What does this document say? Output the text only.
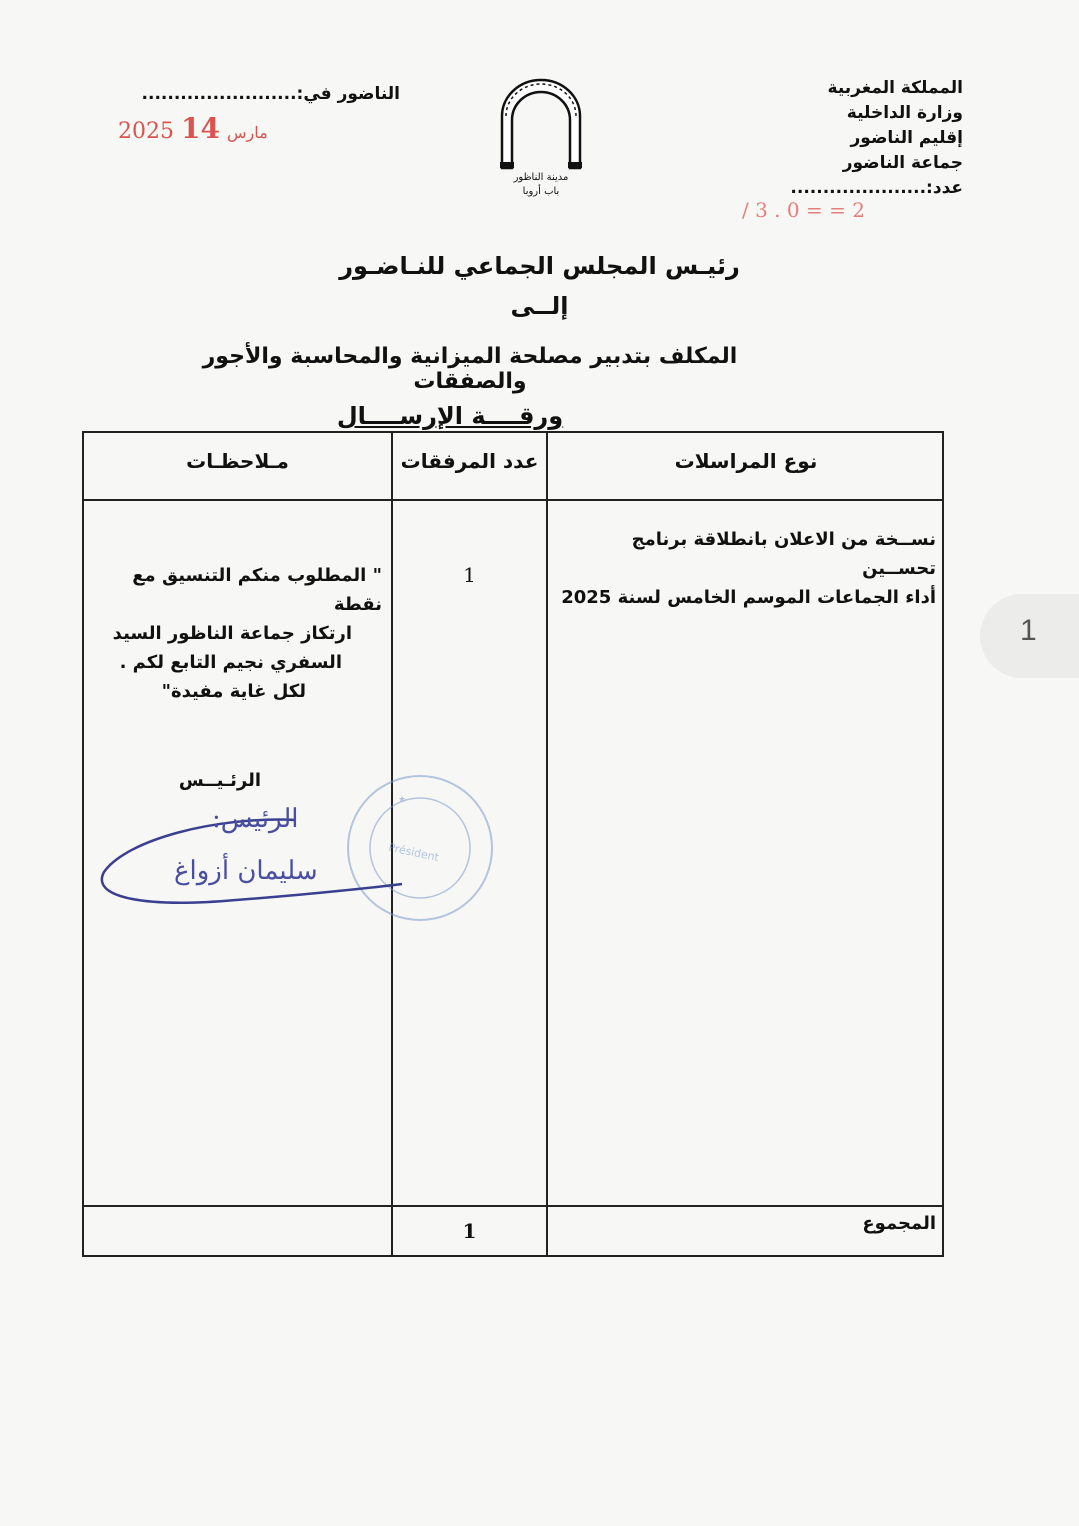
المملكة المغربية
وزارة الداخلية
إقليم الناضور
جماعة الناضور
عدد:.....................
/ 3 . 0 = = 2
الناضور في:........................
2025	مارس 14
مدينة الناظور
باب أروبا
رئيـس المجلس الجماعي للنـاضـور
إلــى
المكلف بتدبير مصلحة الميزانية والمحاسبة والأجور والصفقات
ورقــــة الإرســــال
نوع المراسلات
عدد المرفقات
مـلاحظـات
نســخة من الاعلان بانطلاقة برنامج تحســين
أداء الجماعات الموسم الخامس لسنة 2025
1
" المطلوب منكم التنسيق مع نقطة
ارتكاز جماعة الناظور السيد
السفري نجيم التابع لكم .
لكل غاية مفيدة"
المجموع
1
الرئـيــس
★
Président
الرئيس:
سليمان أزواغ
1
